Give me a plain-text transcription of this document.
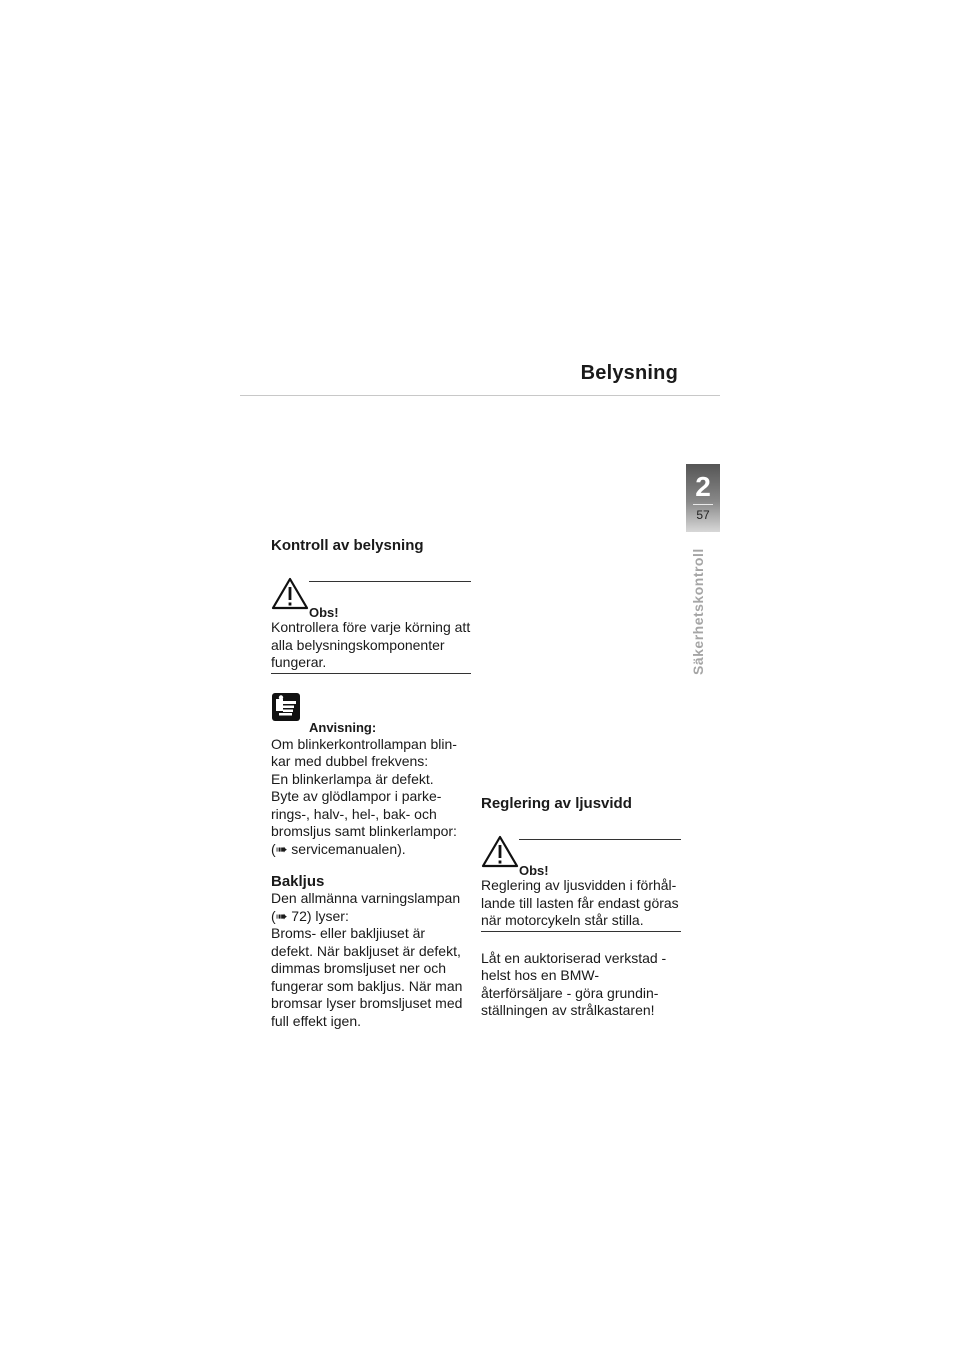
Belysning
2
57
Säkerhetskontroll
Kontroll av belysning
Obs!

Kontrollera före varje körning att

alla belysningskomponenter

fungerar.

Anvisning:

Om blinkerkontrollampan blin-

kar med dubbel frekvens:

En blinkerlampa är defekt.

Byte av glödlampor i parke-

rings-, halv-, hel-, bak- och

bromsljus samt blinkerlampor:

(➠ servicemanualen).

Bakljus

Den allmänna varningslampan

(➠ 72) lyser:

Broms- eller bakljiuset är

defekt. När bakljuset är defekt,

dimmas bromsljuset ner och

fungerar som bakljus. När man

bromsar lyser bromsljuset med

full effekt igen.

Reglering av ljusvidd
Obs!

Reglering av ljusvidden i förhål-

lande till lasten får endast göras

när motorcykeln står stilla.

Låt en auktoriserad verkstad -

helst hos en BMW-

återförsäljare - göra grundin-

ställningen av strålkastaren!
